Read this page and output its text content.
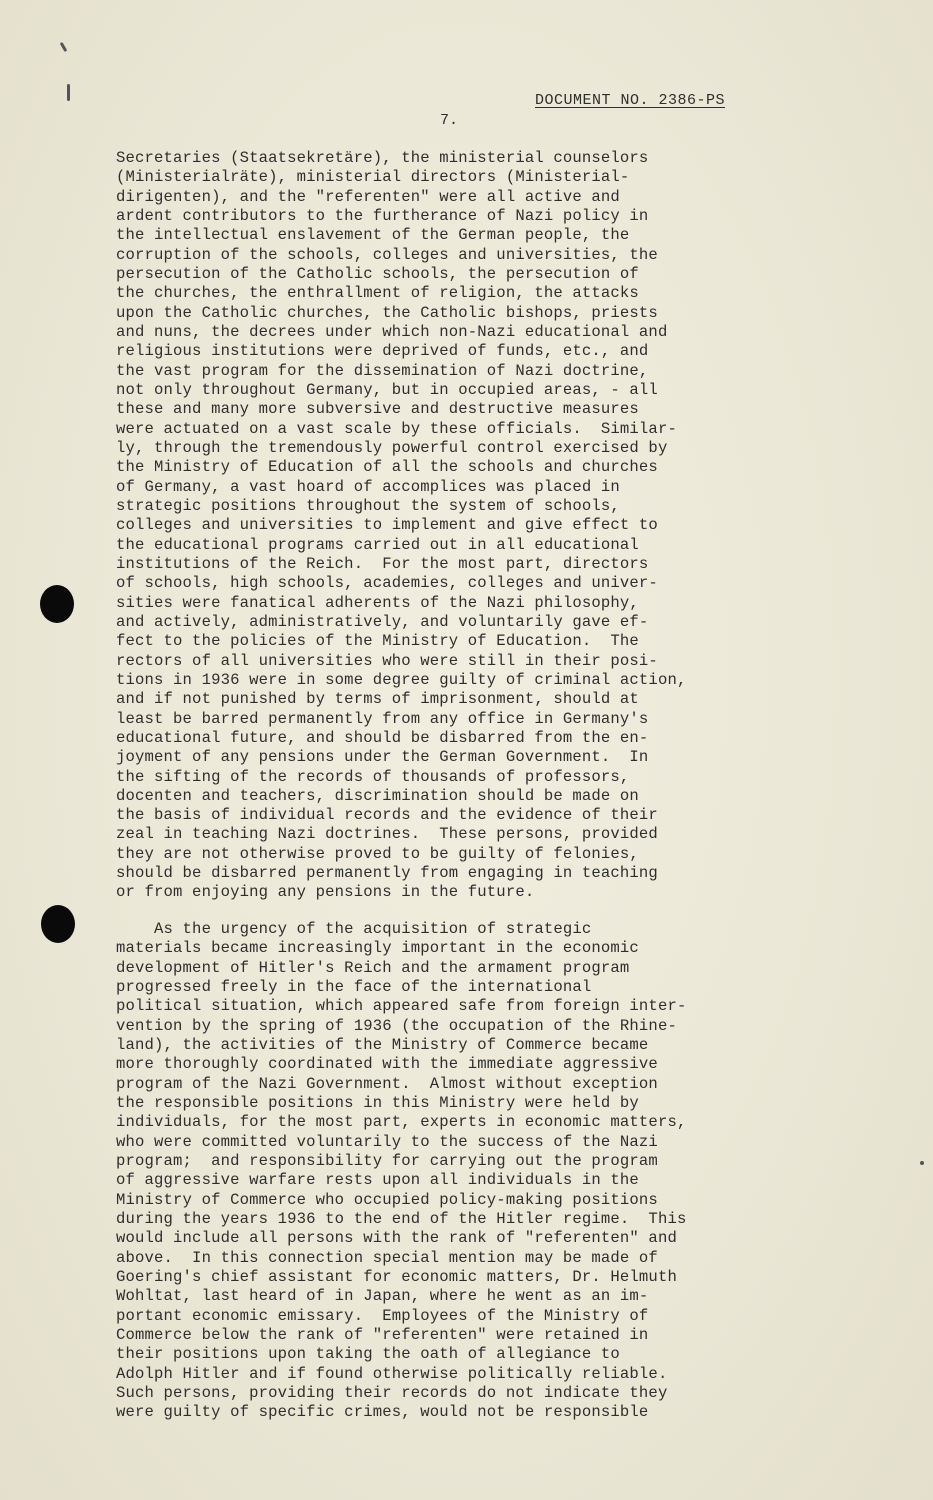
DOCUMENT NO. 2386-PS
7.
Secretaries (Staatsekretäre), the ministerial counselors
(Ministerialräte), ministerial directors (Ministerial-
dirigenten), and the "referenten" were all active and
ardent contributors to the furtherance of Nazi policy in
the intellectual enslavement of the German people, the
corruption of the schools, colleges and universities, the
persecution of the Catholic schools, the persecution of
the churches, the enthrallment of religion, the attacks
upon the Catholic churches, the Catholic bishops, priests
and nuns, the decrees under which non-Nazi educational and
religious institutions were deprived of funds, etc., and
the vast program for the dissemination of Nazi doctrine,
not only throughout Germany, but in occupied areas, - all
these and many more subversive and destructive measures
were actuated on a vast scale by these officials.  Similar-
ly, through the tremendously powerful control exercised by
the Ministry of Education of all the schools and churches
of Germany, a vast hoard of accomplices was placed in
strategic positions throughout the system of schools,
colleges and universities to implement and give effect to
the educational programs carried out in all educational
institutions of the Reich.  For the most part, directors
of schools, high schools, academies, colleges and univer-
sities were fanatical adherents of the Nazi philosophy,
and actively, administratively, and voluntarily gave ef-
fect to the policies of the Ministry of Education.  The
rectors of all universities who were still in their posi-
tions in 1936 were in some degree guilty of criminal action,
and if not punished by terms of imprisonment, should at
least be barred permanently from any office in Germany's
educational future, and should be disbarred from the en-
joyment of any pensions under the German Government.  In
the sifting of the records of thousands of professors,
docenten and teachers, discrimination should be made on
the basis of individual records and the evidence of their
zeal in teaching Nazi doctrines.  These persons, provided
they are not otherwise proved to be guilty of felonies,
should be disbarred permanently from engaging in teaching
or from enjoying any pensions in the future.
As the urgency of the acquisition of strategic
materials became increasingly important in the economic
development of Hitler's Reich and the armament program
progressed freely in the face of the international
political situation, which appeared safe from foreign inter-
vention by the spring of 1936 (the occupation of the Rhine-
land), the activities of the Ministry of Commerce became
more thoroughly coordinated with the immediate aggressive
program of the Nazi Government.  Almost without exception
the responsible positions in this Ministry were held by
individuals, for the most part, experts in economic matters,
who were committed voluntarily to the success of the Nazi
program;  and responsibility for carrying out the program
of aggressive warfare rests upon all individuals in the
Ministry of Commerce who occupied policy-making positions
during the years 1936 to the end of the Hitler regime.  This
would include all persons with the rank of "referenten" and
above.  In this connection special mention may be made of
Goering's chief assistant for economic matters, Dr. Helmuth
Wohltat, last heard of in Japan, where he went as an im-
portant economic emissary.  Employees of the Ministry of
Commerce below the rank of "referenten" were retained in
their positions upon taking the oath of allegiance to
Adolph Hitler and if found otherwise politically reliable.
Such persons, providing their records do not indicate they
were guilty of specific crimes, would not be responsible
